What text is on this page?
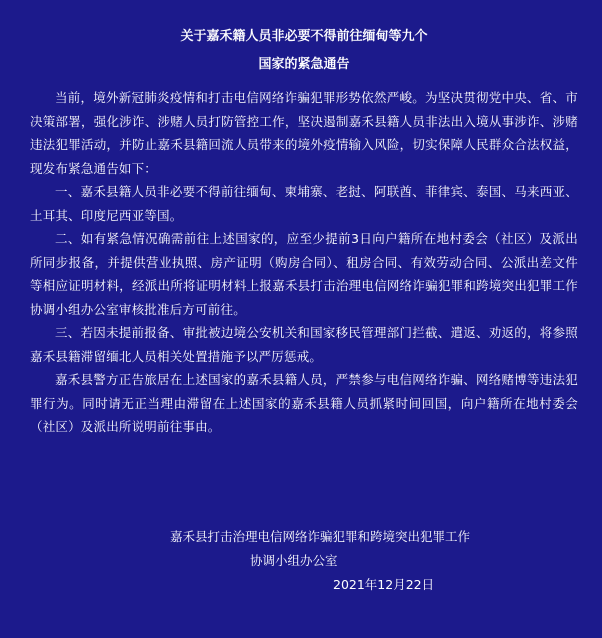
关于嘉禾籍人员非必要不得前往缅甸等九个
国家的紧急通告

当前，境外新冠肺炎疫情和打击电信网络诈骗犯罪形势依然严峻。为坚决贯彻党中央、省、市决策部署，强化涉诈、涉赌人员打防管控工作，坚决遏制嘉禾县籍人员非法出入境从事涉诈、涉赌违法犯罪活动，并防止嘉禾县籍回流人员带来的境外疫情输入风险，切实保障人民群众合法权益，现发布紧急通告如下：

一、嘉禾县籍人员非必要不得前往缅甸、柬埔寨、老挝、阿联酋、菲律宾、泰国、马来西亚、土耳其、印度尼西亚等国。

二、如有紧急情况确需前往上述国家的，应至少提前3日向户籍所在地村委会（社区）及派出所同步报备，并提供营业执照、房产证明（购房合同）、租房合同、有效劳动合同、公派出差文件等相应证明材料，经派出所将证明材料上报嘉禾县打击治理电信网络诈骗犯罪和跨境突出犯罪工作协调小组办公室审核批准后方可前往。

三、若因未提前报备、审批被边境公安机关和国家移民管理部门拦截、遣返、劝返的，将参照嘉禾县籍滞留缅北人员相关处置措施予以严厉惩戒。

嘉禾县警方正告旅居在上述国家的嘉禾县籍人员，严禁参与电信网络诈骗、网络赌博等违法犯罪行为。同时请无正当理由滞留在上述国家的嘉禾县籍人员抓紧时间回国，向户籍所在地村委会（社区）及派出所说明前往事由。

嘉禾县打击治理电信网络诈骗犯罪和跨境突出犯罪工作
协调小组办公室
2021年12月22日
